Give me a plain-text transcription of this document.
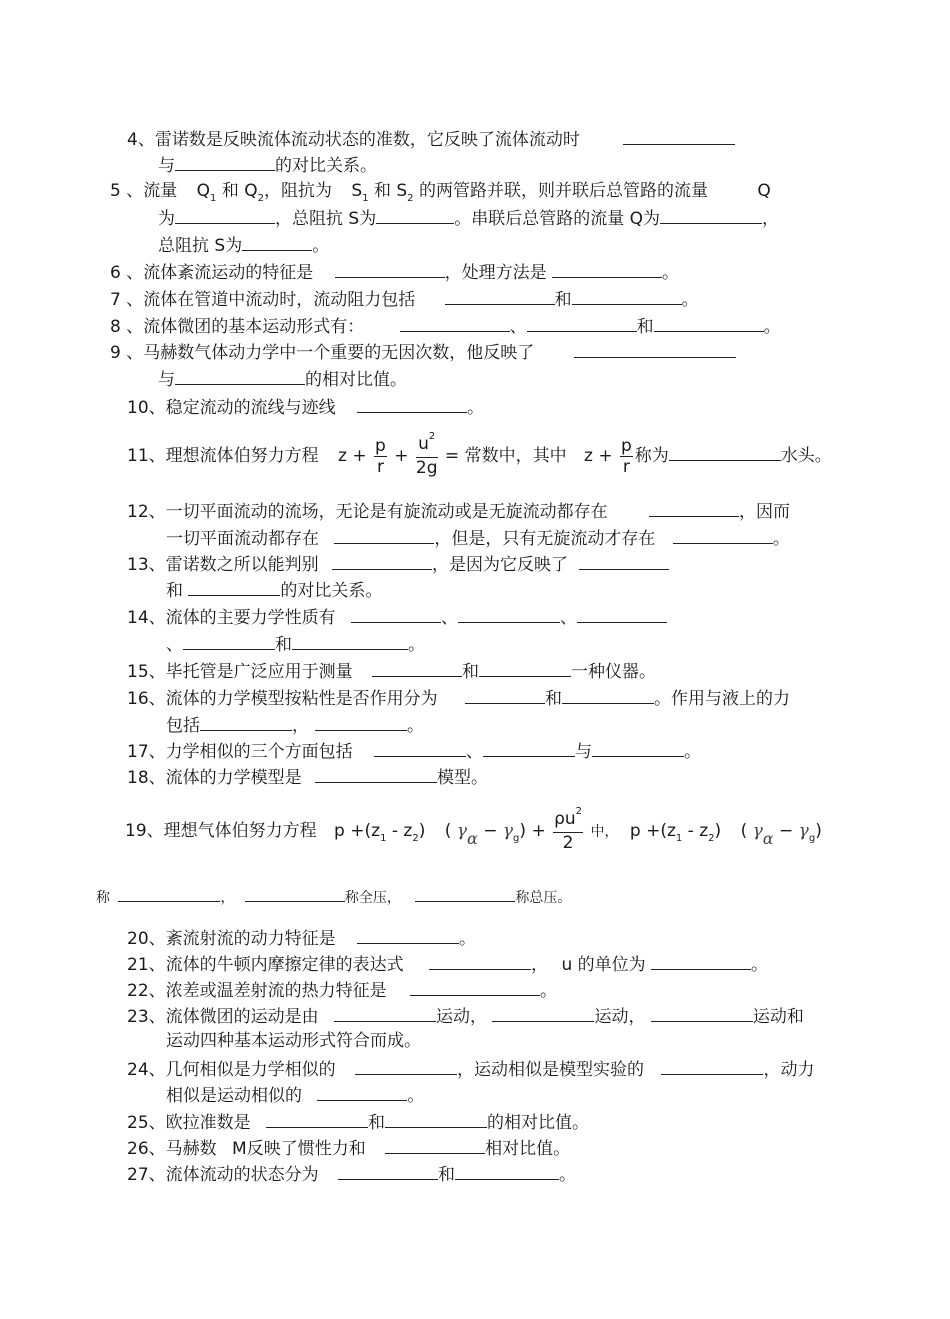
4、雷诺数是反映流体流动状态的准数，它反映了流体流动时
与	的对比关系。
5 、流量 $Q_1$ 和 $Q_2$，阻抗为 $S_1$ 和 $S_2$ 的两管路并联，则并联后总管路的流量	Q
为	，总阻抗 S为	。串联后总管路的流量 Q为	，
总阻抗 S为	。
6 、流体紊流运动的特征是	，处理方法是	。
7 、流体在管道中流动时，流动阻力包括	和	。
8 、流体微团的基本运动形式有：	、	和	。
9 、马赫数气体动力学中一个重要的无因次数，他反映了
与	的相对比值。
10、稳定流动的流线与迹线	。
11、理想流体伯努力方程 $z + \frac{p}{r} + \frac{u^2}{2g}$ = 常数中，其中 $z + \frac{p}{r}$ 称为	水头。
12、一切平面流动的流场，无论是有旋流动或是无旋流动都存在	，因而
一切平面流动都存在	，但是，只有无旋流动才存在	。
13、雷诺数之所以能判别	，是因为它反映了
和	的对比关系。
14、流体的主要力学性质有	、	、
、	和	。
15、毕托管是广泛应用于测量	和	一种仪器。
16、流体的力学模型按粘性是否作用分为	和	。作用与液上的力
包括	，	。
17、力学相似的三个方面包括	、	与	。
18、流体的力学模型是	模型。
19、理想气体伯努力方程 $p +(z_1 - z_2)$ ( $\gamma\alpha - \gamma_g) + \frac{\rho u^2}{2}$ 中， $p +(z_1 - z_2)$ ( $\gamma\alpha - \gamma_g$)
称	，	称全压，	称总压。
20、紊流射流的动力特征是	。
21、流体的牛顿内摩擦定律的表达式	， u 的单位为	。
22、浓差或温差射流的热力特征是	。
23、流体微团的运动是由	运动，	运动，	运动和
运动四种基本运动形式符合而成。
24、几何相似是力学相似的	，运动相似是模型实验的	，动力
相似是运动相似的	。
25、欧拉准数是	和	的相对比值。
26、马赫数 M反映了惯性力和	相对比值。
27、流体流动的状态分为	和	。
